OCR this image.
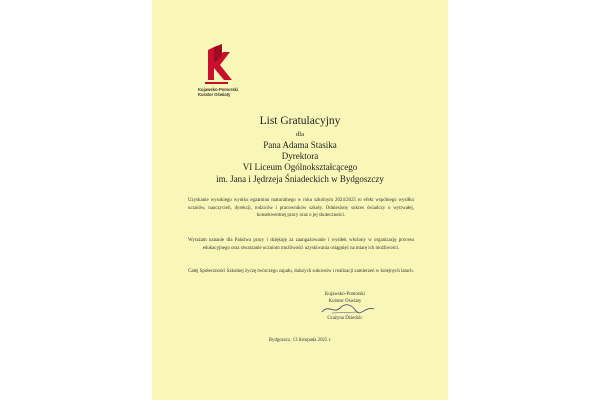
Kujawsko-Pomorski
Kurator Oświaty
List Gratulacyjny
dla
Pana Adama Stasika
Dyrektora
VI Liceum Ogólnokształcącego
im. Jana i Jędrzeja Śniadeckich w Bydgoszczy
Uzyskanie wysokiego wyniku egzaminu maturalnego w roku szkolnym 2024/2025 to efekt wspólnego wysiłku uczniów, nauczycieli, dyrekcji, rodziców i pracowników szkoły. Odniesiony sukces świadczy o wytrwałej, konsekwentnej pracy oraz o jej skuteczności.
Wyrażam uznanie dla Państwa pracy i dziękuję za zaangażowanie i wysiłek włożony w organizację procesu edukacyjnego oraz stwarzanie uczniom możliwości uzyskiwania osiągnięć na miarę ich możliwości.
Całej Społeczności Szkolnej życzę twórczego zapału, dalszych sukcesów i realizacji zamierzeń w kolejnych latach.
Kujawsko-Pomorski
Kurator Oświaty
Grażyna Dziedzic
Bydgoszcz, 13 listopada 2025 r.
